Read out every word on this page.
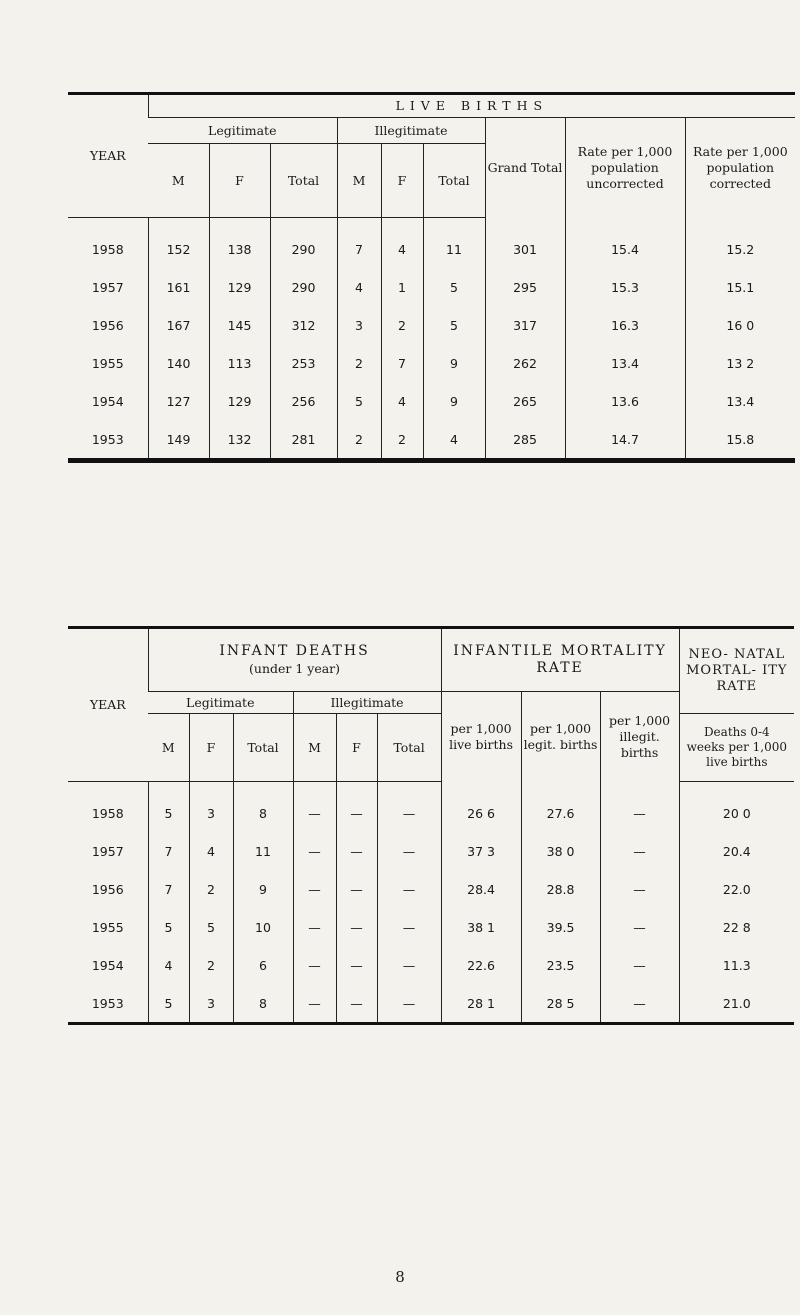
YEAR	LIVE BIRTHS								
	Legitimate			Illegitimate			Grand Total	Rate per 1,000 population uncorrected	Rate per 1,000 population corrected
	M	F	Total	M	F	Total			

1958	152	138	290	7	4	11	301	15.4	15.2
1957	161	129	290	4	1	5	295	15.3	15.1
1956	167	145	312	3	2	5	317	16.3	16 0
1955	140	113	253	2	7	9	262	13.4	13 2
1954	127	129	256	5	4	9	265	13.6	13.4
1953	149	132	281	2	2	4	285	14.7	15.8
YEAR	INFANT DEATHS
(under 1 year)						INFANTILE MORTALITY RATE			NEO- NATAL MORTAL- ITY RATE
	Legitimate			Illegitimate			per 1,000 live births	per 1,000 legit. births	per 1,000 illegit. births	
	M	F	Total	M	F	Total				Deaths 0-4 weeks per 1,000 live births

1958	5	3	8	—	—	—	26 6	27.6	—	20 0
1957	7	4	11	—	—	—	37 3	38 0	—	20.4
1956	7	2	9	—	—	—	28.4	28.8	—	22.0
1955	5	5	10	—	—	—	38 1	39.5	—	22 8
1954	4	2	6	—	—	—	22.6	23.5	—	11.3
1953	5	3	8	—	—	—	28 1	28 5	—	21.0
8
